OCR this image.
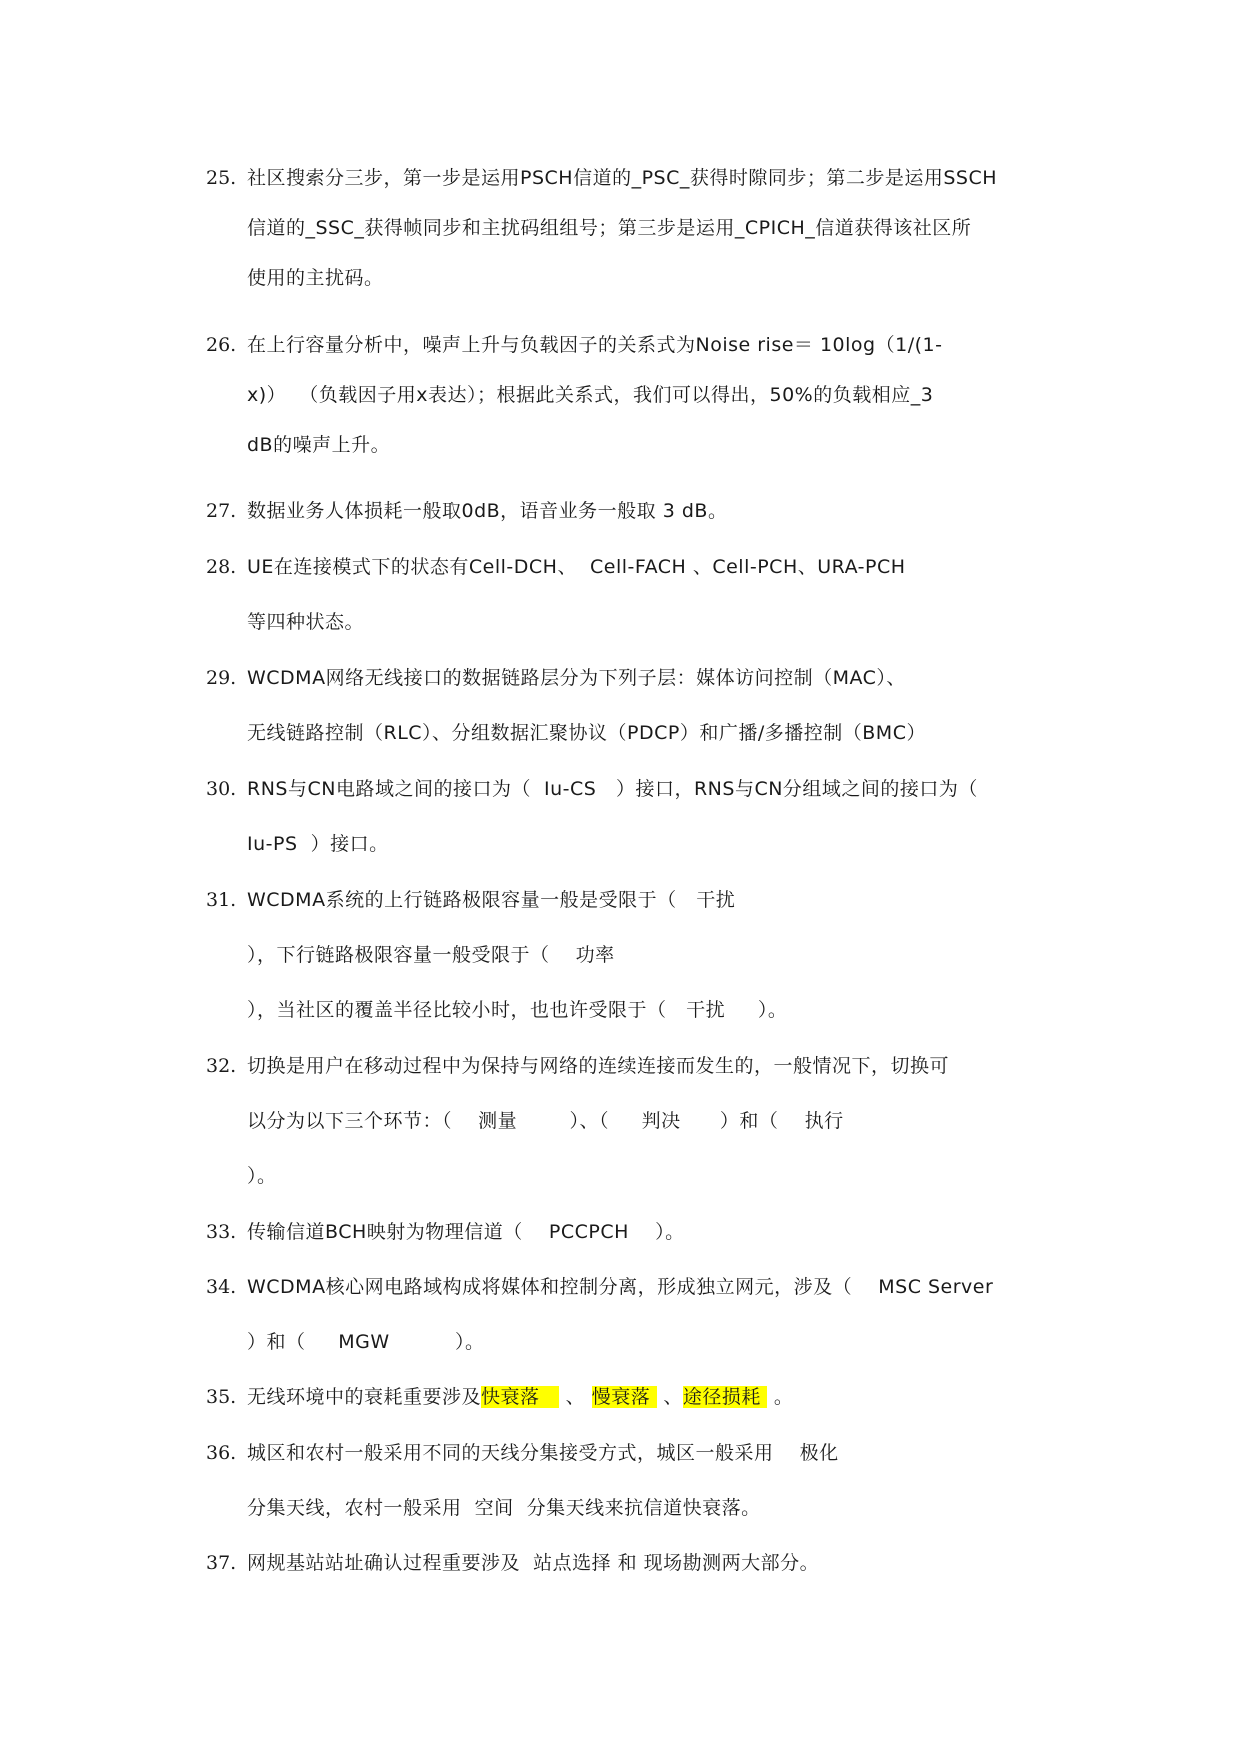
25. 社区搜索分三步，第一步是运用PSCH信道的_PSC_获得时隙同步；第二步是运用SSCH
信道的_SSC_获得帧同步和主扰码组组号；第三步是运用_CPICH_信道获得该社区所
使用的主扰码。
26. 在上行容量分析中，噪声上升与负载因子的关系式为Noise rise＝ 10log（1/(1-
x)）  （负载因子用x表达）；根据此关系式，我们可以得出，50%的负载相应_3
dB的噪声上升。
27. 数据业务人体损耗一般取0dB，语音业务一般取 3 dB。
28. UE在连接模式下的状态有Cell-DCH、  Cell-FACH 、Cell-PCH、URA-PCH
等四种状态。
29. WCDMA网络无线接口的数据链路层分为下列子层：媒体访问控制（MAC）、
无线链路控制（RLC）、分组数据汇聚协议（PDCP）和广播/多播控制（BMC）
30. RNS与CN电路域之间的接口为（  Iu-CS   ）接口，RNS与CN分组域之间的接口为（
Iu-PS  ）接口。
31. WCDMA系统的上行链路极限容量一般是受限于（   干扰
），下行链路极限容量一般受限于（    功率
），当社区的覆盖半径比较小时，也也许受限于（   干扰     ）。
32. 切换是用户在移动过程中为保持与网络的连续连接而发生的，一般情况下，切换可
以分为以下三个环节：（    测量        ）、（     判决      ）和（    执行
）。
33. 传输信道BCH映射为物理信道（    PCCPCH    ）。
34. WCDMA核心网电路域构成将媒体和控制分离，形成独立网元，涉及（    MSC Server
）和（     MGW          ）。
35. 无线环境中的衰耗重要涉及快衰落    、 慢衰落  、途径损耗  。
36. 城区和农村一般采用不同的天线分集接受方式，城区一般采用    极化
分集天线，农村一般采用  空间  分集天线来抗信道快衰落。
37. 网规基站站址确认过程重要涉及  站点选择 和 现场勘测两大部分。
